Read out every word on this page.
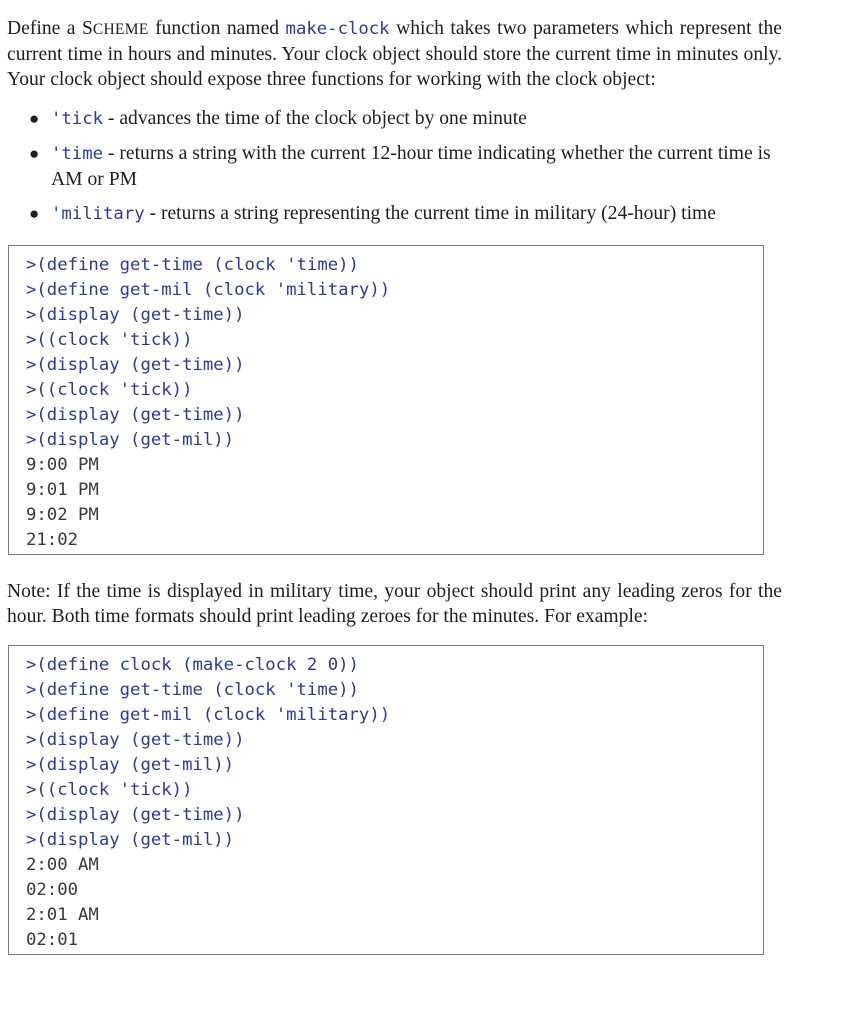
Define a SCHEME function named make-clock which takes two parameters which represent the current time in hours and minutes. Your clock object should store the current time in minutes only. Your clock object should expose three functions for working with the clock object:

● 'tick - advances the time of the clock object by one minute
● 'time - returns a string with the current 12-hour time indicating whether the current time is AM or PM
● 'military - returns a string representing the current time in military (24-hour) time
>(define get-time (clock 'time))
>(define get-mil (clock 'military))
>(display (get-time))
>((clock 'tick))
>(display (get-time))
>((clock 'tick))
>(display (get-time))
>(display (get-mil))
9:00 PM
9:01 PM
9:02 PM
21:02

Note: If the time is displayed in military time, your object should print any leading zeros for the hour. Both time formats should print leading zeroes for the minutes. For example:

>(define clock (make-clock 2 0))
>(define get-time (clock 'time))
>(define get-mil (clock 'military))
>(display (get-time))
>(display (get-mil))
>((clock 'tick))
>(display (get-time))
>(display (get-mil))
2:00 AM
02:00
2:01 AM
02:01
